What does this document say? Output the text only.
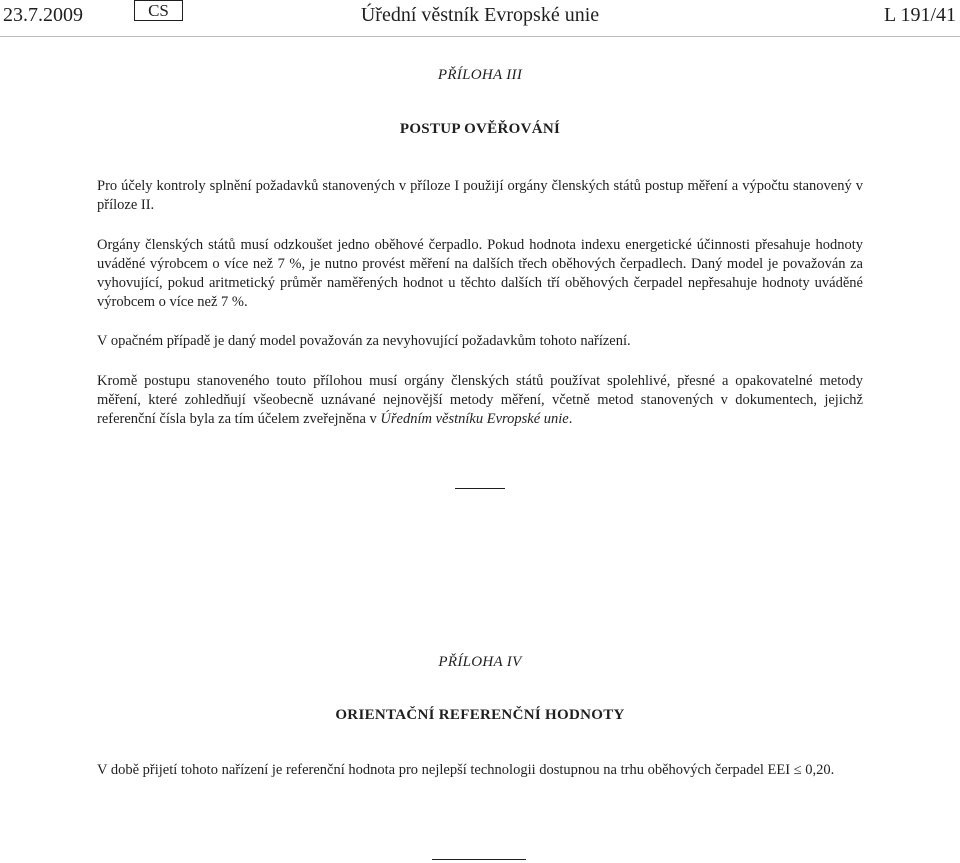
23.7.2009	CS	Úřední věstník Evropské unie	L 191/41
PŘÍLOHA III
POSTUP OVĚŘOVÁNÍ

Pro účely kontroly splnění požadavků stanovených v příloze I použijí orgány členských států postup měření a výpočtu stanovený v příloze II.

Orgány členských států musí odzkoušet jedno oběhové čerpadlo. Pokud hodnota indexu energetické účinnosti přesahuje hodnoty uváděné výrobcem o více než 7 %, je nutno provést měření na dalších třech oběhových čerpadlech. Daný model je považován za vyhovující, pokud aritmetický průměr naměřených hodnot u těchto dalších tří oběhových čerpadel nepřesahuje hodnoty uváděné výrobcem o více než 7 %.

V opačném případě je daný model považován za nevyhovující požadavkům tohoto nařízení.

Kromě postupu stanoveného touto přílohou musí orgány členských států používat spolehlivé, přesné a opakovatelné metody měření, které zohledňují všeobecně uznávané nejnovější metody měření, včetně metod stanovených v dokumentech, jejichž referenční čísla byla za tím účelem zveřejněna v Úředním věstníku Evropské unie.

PŘÍLOHA IV
ORIENTAČNÍ REFERENČNÍ HODNOTY

V době přijetí tohoto nařízení je referenční hodnota pro nejlepší technologii dostupnou na trhu oběhových čerpadel EEI ≤ 0,20.
